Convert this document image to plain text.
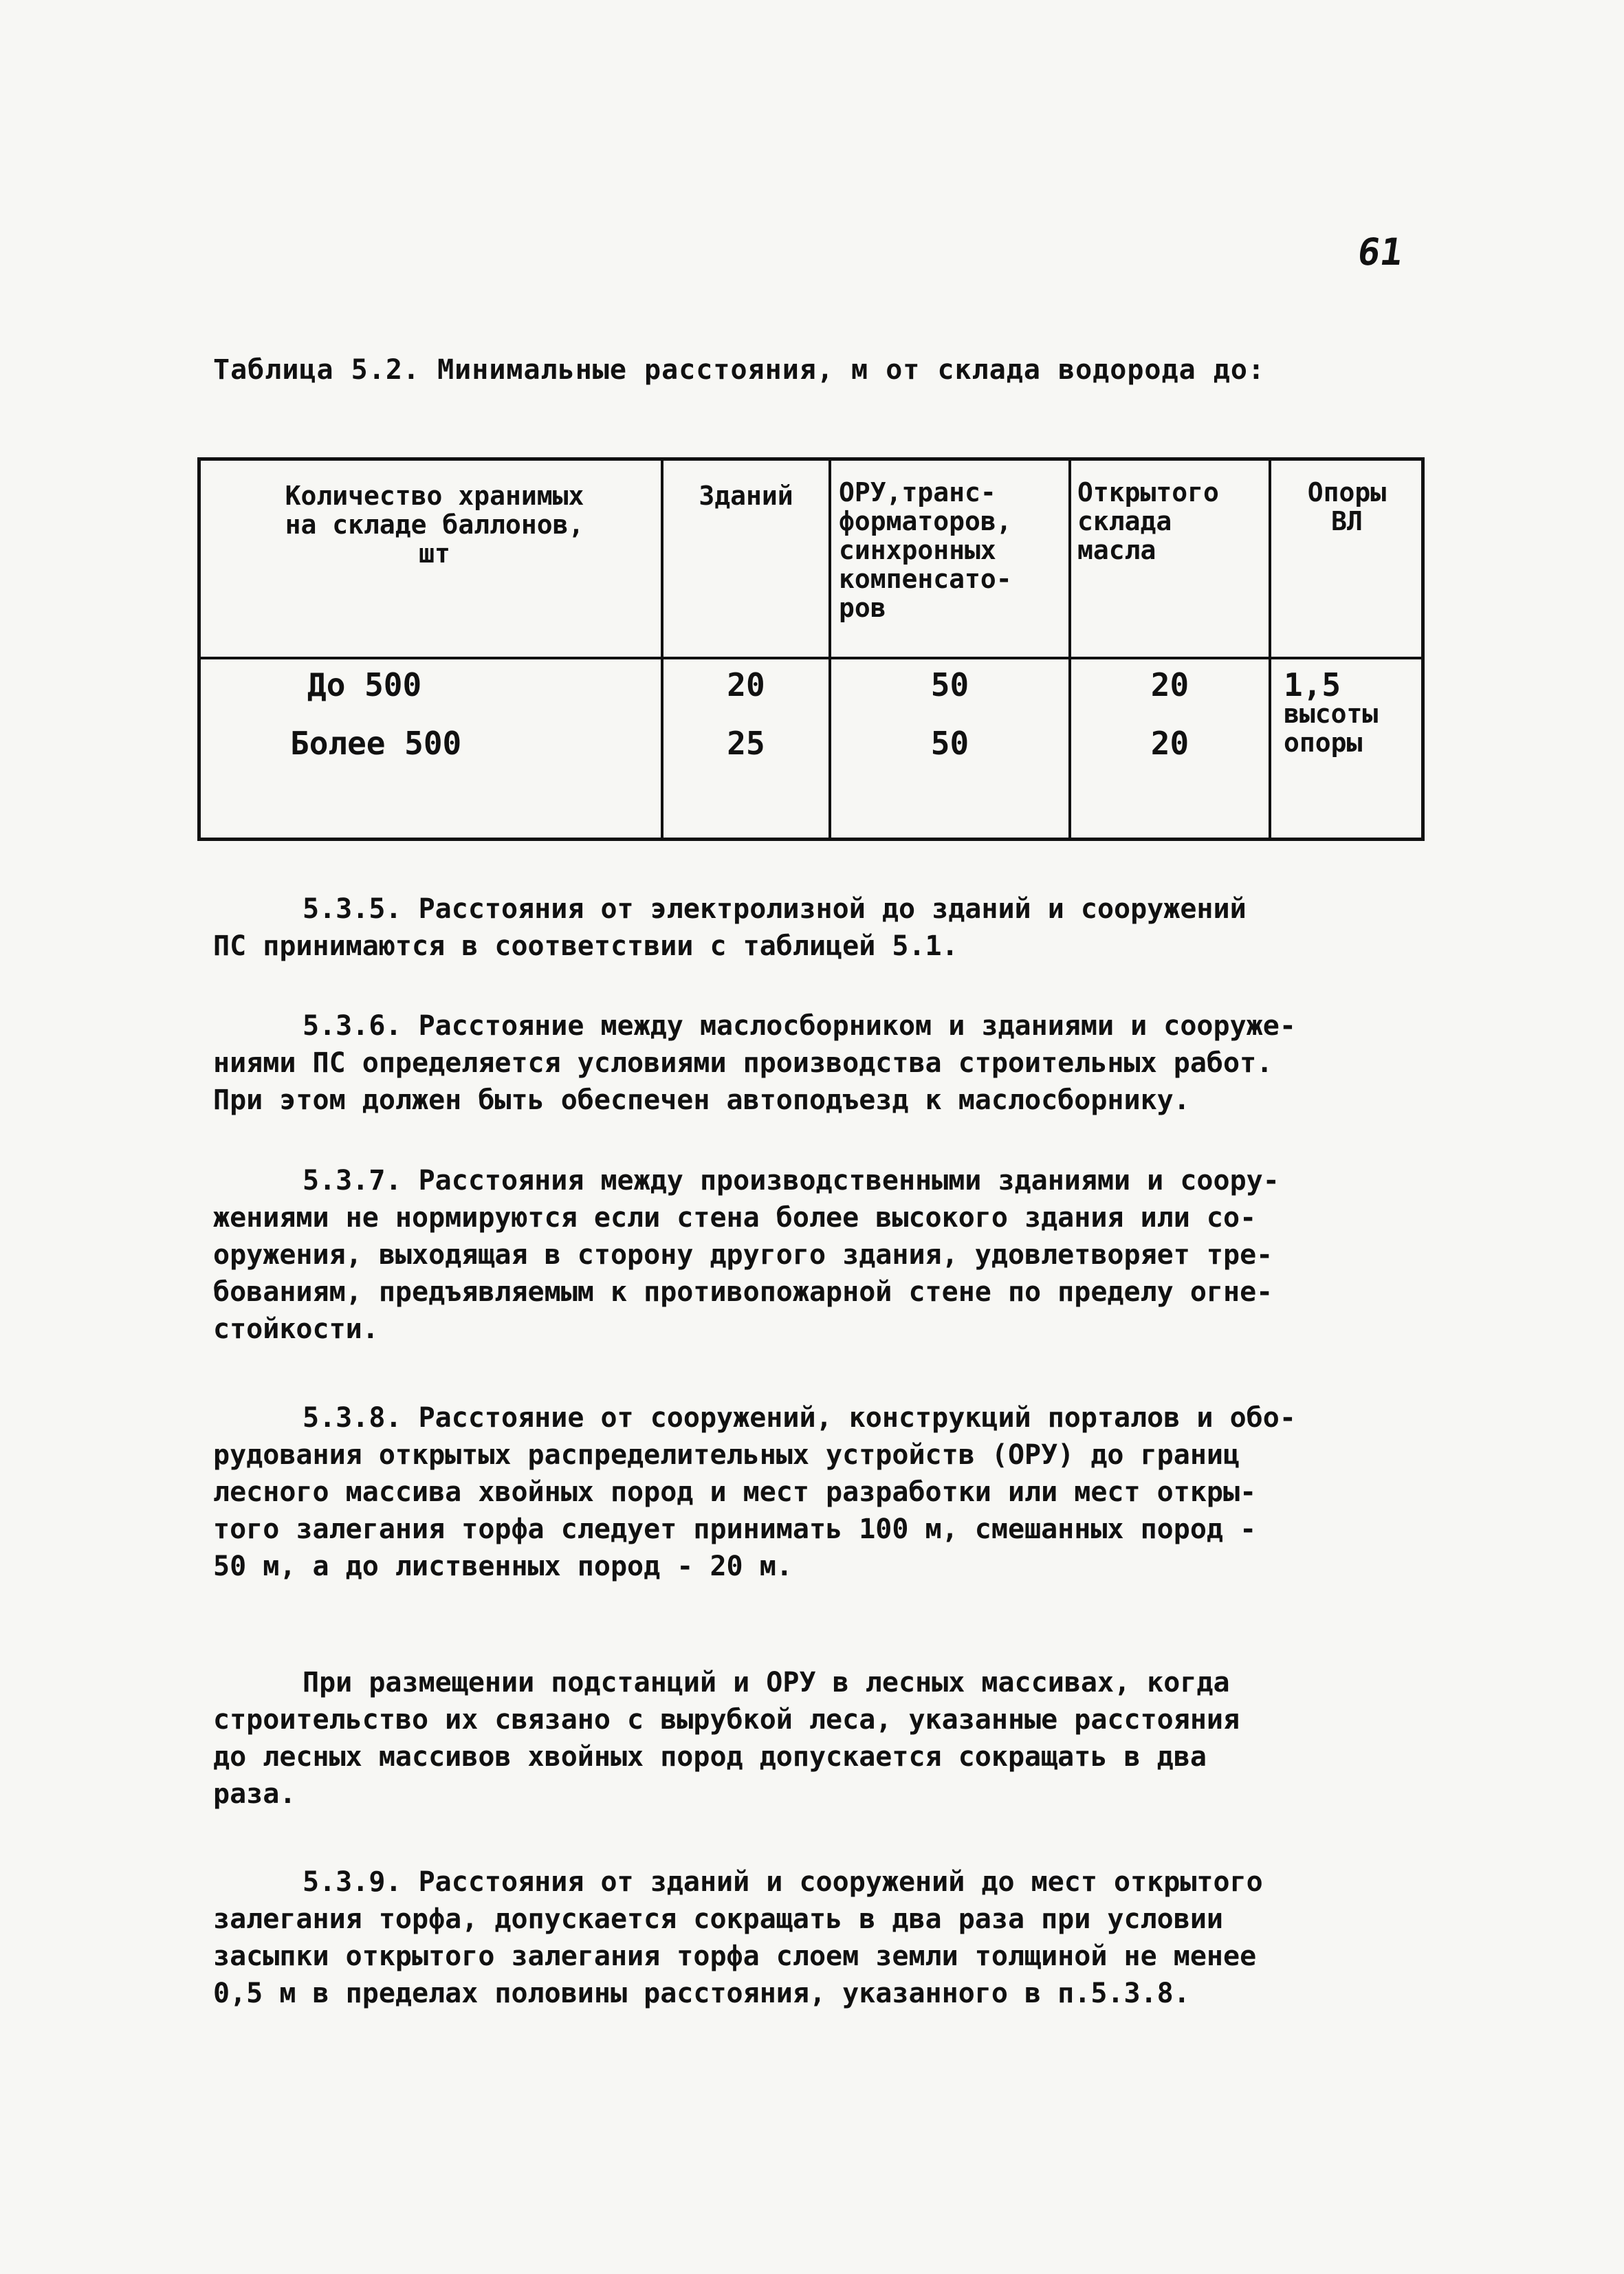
61
Таблица 5.2. Минимальные расстояния, м от склада водорода до:
Количество хранимых
на складе баллонов,
шт
Зданий	ОРУ,транс-
форматоров,
синхронных
компенсато-
ров
Открытого
склада
масла
Опоры
ВЛ
До 500
Более 500
20
25
50
50
20
20
1,5
высоты
опоры
5.3.5. Расстояния от электролизной до зданий и сооружений
ПС принимаются в соответствии с таблицей 5.1.
5.3.6. Расстояние между маслосборником и зданиями и сооруже-
ниями ПС определяется условиями производства строительных работ.
При этом должен быть обеспечен автоподъезд к маслосборнику.
5.3.7. Расстояния между производственными зданиями и соору-
жениями не нормируются если стена более высокого здания или со-
оружения, выходящая в сторону другого здания, удовлетворяет тре-
бованиям, предъявляемым к противопожарной стене по пределу огне-
стойкости.
5.3.8. Расстояние от сооружений, конструкций порталов и обо-
рудования открытых распределительных устройств (ОРУ) до границ
лесного массива хвойных пород и мест разработки или мест откры-
того залегания торфа следует принимать 100 м, смешанных пород -
50 м, а до лиственных пород - 20 м.
При размещении подстанций и ОРУ в лесных массивах, когда
строительство их связано с вырубкой леса, указанные расстояния
до лесных массивов хвойных пород допускается сокращать в два
раза.
5.3.9. Расстояния от зданий и сооружений до мест открытого
залегания торфа, допускается сокращать в два раза при условии
засыпки открытого залегания торфа слоем земли толщиной не менее
0,5 м в пределах половины расстояния, указанного в п.5.3.8.
